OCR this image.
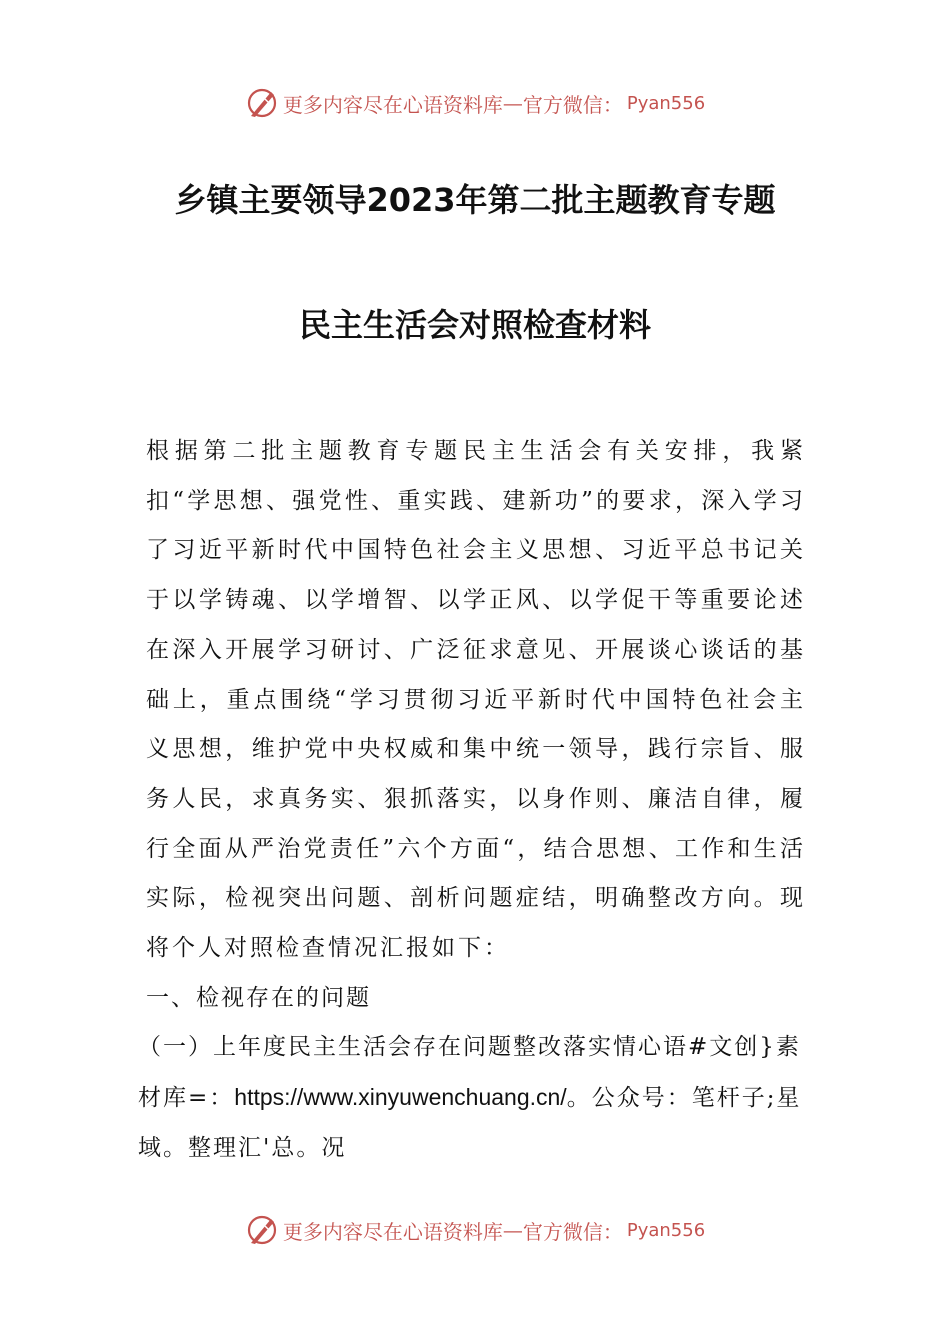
更多内容尽在心语资料库 — 官方微信： Pyan556
乡镇主要领导2023年第二批主题教育专题
民主生活会对照检查材料

根据第二批主题教育专题民主生活会有关安排，我紧扣“学思想、强党性、重实践、建新功”的要求，深入学习了习近平新时代中国特色社会主义思想、习近平总书记关于以学铸魂、以学增智、以学正风、以学促干等重要论述在深入开展学习研讨、广泛征求意见、开展谈心谈话的基础上，重点围绕“学习贯彻习近平新时代中国特色社会主义思想，维护党中央权威和集中统一领导，践行宗旨、服务人民，求真务实、狠抓落实，以身作则、廉洁自律，履行全面从严治党责任”六个方面“，结合思想、工作和生活实际，检视突出问题、剖析问题症结，明确整改方向。现将个人对照检查情况汇报如下：

一、检视存在的问题

（一）上年度民主生活会存在问题整改落实情心语#文创}素材库=：https://www.xinyuwenchuang.cn/。公众号：笔杆子;星域。整理汇'总。况

更多内容尽在心语资料库 — 官方微信： Pyan556
